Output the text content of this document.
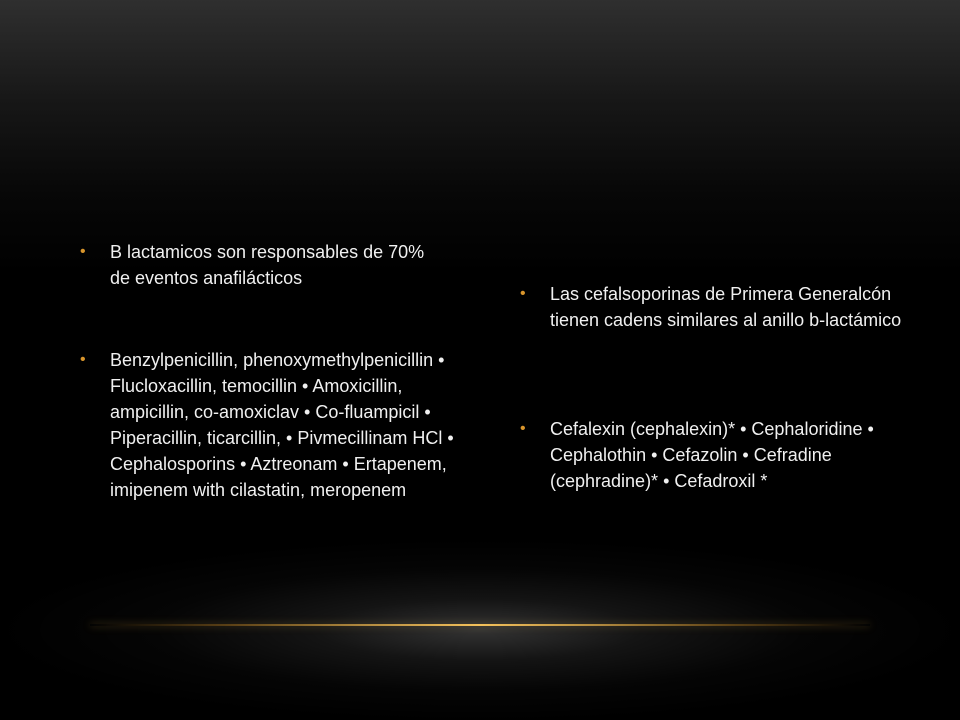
• B lactamicos son responsables de 70% de eventos anafilácticos

• Benzylpenicillin, phenoxymethylpenicillin • Flucloxacillin, temocillin • Amoxicillin, ampicillin, co-amoxiclav • Co-fluampicil • Piperacillin, ticarcillin, • Pivmecillinam HCl • Cephalosporins • Aztreonam • Ertapenem, imipenem with cilastatin, meropenem

• Las cefalsoporinas de Primera Generalcón tienen cadens similares al anillo b-lactámico

• Cefalexin (cephalexin)* • Cephaloridine • Cephalothin • Cefazolin • Cefradine (cephradine)* • Cefadroxil *
